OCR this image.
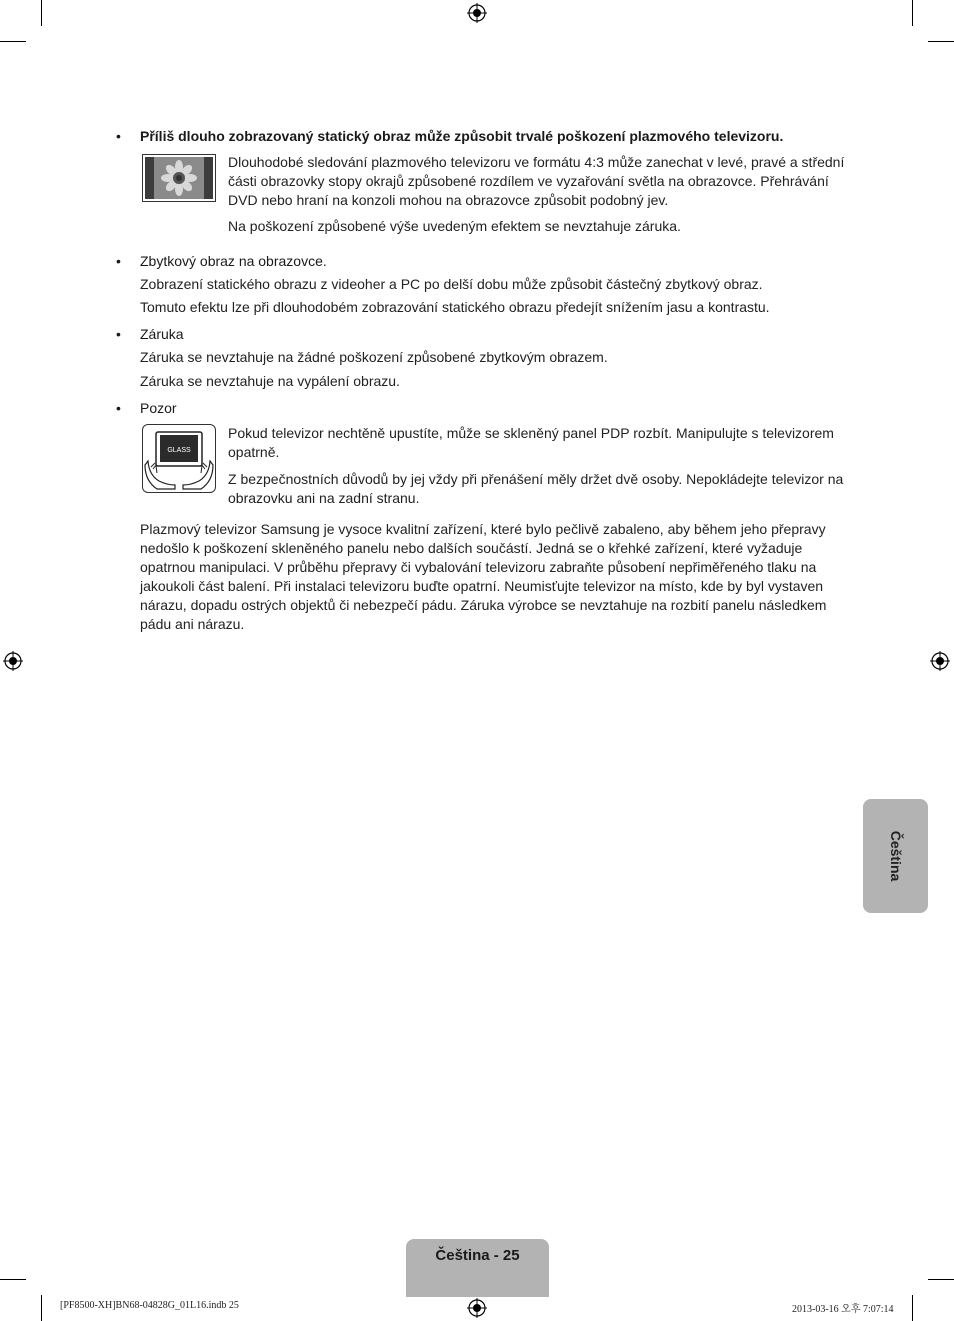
• Příliš dlouho zobrazovaný statický obraz může způsobit trvalé poškození plazmového televizoru.
Dlouhodobé sledování plazmového televizoru ve formátu 4:3 může zanechat v levé, pravé a střední
části obrazovky stopy okrajů způsobené rozdílem ve vyzařování světla na obrazovce. Přehrávání
DVD nebo hraní na konzoli mohou na obrazovce způsobit podobný jev.
Na poškození způsobené výše uvedeným efektem se nevztahuje záruka.
• Zbytkový obraz na obrazovce.
Zobrazení statického obrazu z videoher a PC po delší dobu může způsobit částečný zbytkový obraz.
Tomuto efektu lze při dlouhodobém zobrazování statického obrazu předejít snížením jasu a kontrastu.
• Záruka
Záruka se nevztahuje na žádné poškození způsobené zbytkovým obrazem.
Záruka se nevztahuje na vypálení obrazu.
• Pozor
GLASS
Pokud televizor nechtěně upustíte, může se skleněný panel PDP rozbít. Manipulujte s televizorem
opatrně.
Z bezpečnostních důvodů by jej vždy při přenášení měly držet dvě osoby. Nepokládejte televizor na
obrazovku ani na zadní stranu.
Plazmový televizor Samsung je vysoce kvalitní zařízení, které bylo pečlivě zabaleno, aby během jeho přepravy
nedošlo k poškození skleněného panelu nebo dalších součástí. Jedná se o křehké zařízení, které vyžaduje
opatrnou manipulaci. V průběhu přepravy či vybalování televizoru zabraňte působení nepřiměřeného tlaku na
jakoukoli část balení. Při instalaci televizoru buďte opatrní. Neumisťujte televizor na místo, kde by byl vystaven
nárazu, dopadu ostrých objektů či nebezpečí pádu. Záruka výrobce se nevztahuje na rozbití panelu následkem
pádu ani nárazu.
Čeština
Čeština - 25
[PF8500-XH]BN68-04828G_01L16.indb 25	2013-03-16 오후 7:07:14
